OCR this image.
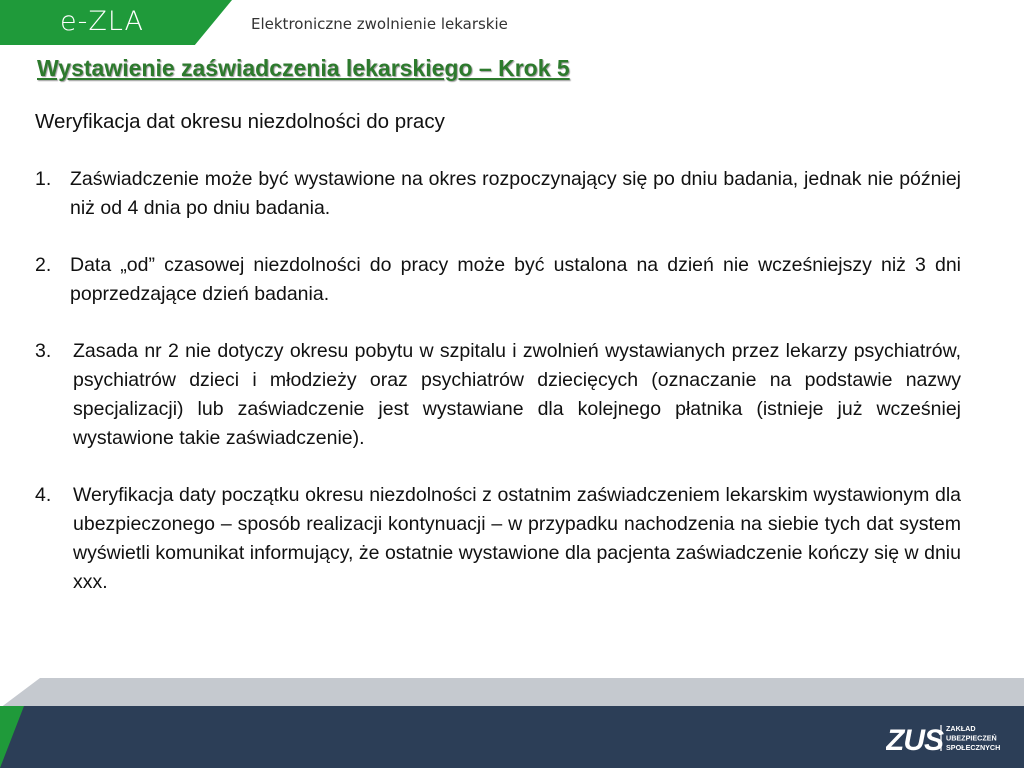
e-ZLA	Elektroniczne zwolnienie lekarskie
Wystawienie zaświadczenia lekarskiego – Krok 5
Weryfikacja dat okresu niezdolności do pracy
1. Zaświadczenie może być wystawione na okres rozpoczynający się po dniu badania, jednak nie później niż od 4 dnia po dniu badania.
2. Data „od” czasowej niezdolności do pracy może być ustalona na dzień nie wcześniejszy niż 3 dni poprzedzające dzień badania.
3.	Zasada nr 2 nie dotyczy okresu pobytu w szpitalu i zwolnień wystawianych przez lekarzy psychiatrów, psychiatrów dzieci i młodzieży oraz psychiatrów dziecięcych (oznaczanie na podstawie nazwy specjalizacji) lub zaświadczenie jest wystawiane dla kolejnego płatnika (istnieje już wcześniej wystawione takie zaświadczenie).
4.	Weryfikacja daty początku okresu niezdolności z ostatnim zaświadczeniem lekarskim wystawionym dla ubezpieczonego – sposób realizacji kontynuacji – w przypadku nachodzenia na siebie tych dat system wyświetli komunikat informujący, że ostatnie wystawione dla pacjenta zaświadczenie kończy się w dniu xxx.
ZUS ZAKŁAD
UBEZPIECZEŃ
SPOŁECZNYCH
